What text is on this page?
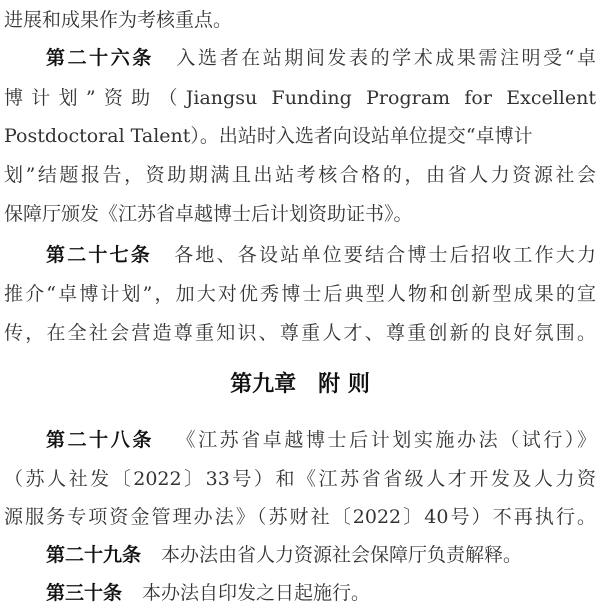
进展和成果作为考核重点。
第二十六条 入选者在站期间发表的学术成果需注明受“卓
博计划”资助（Jiangsu Funding Program for Excellent
Postdoctoral Talent）。出站时入选者向设站单位提交“卓博计
划”结题报告，资助期满且出站考核合格的，由省人力资源社会
保障厅颁发《江苏省卓越博士后计划资助证书》。
第二十七条 各地、各设站单位要结合博士后招收工作大力
推介“卓博计划”，加大对优秀博士后典型人物和创新型成果的宣
传，在全社会营造尊重知识、尊重人才、尊重创新的良好氛围。
第九章　附 则
第二十八条 《江苏省卓越博士后计划实施办法（试行）》
（苏人社发〔2022〕33号）和《江苏省省级人才开发及人力资
源服务专项资金管理办法》（苏财社〔2022〕40号）不再执行。
第二十九条 本办法由省人力资源社会保障厅负责解释。
第三十条 本办法自印发之日起施行。
